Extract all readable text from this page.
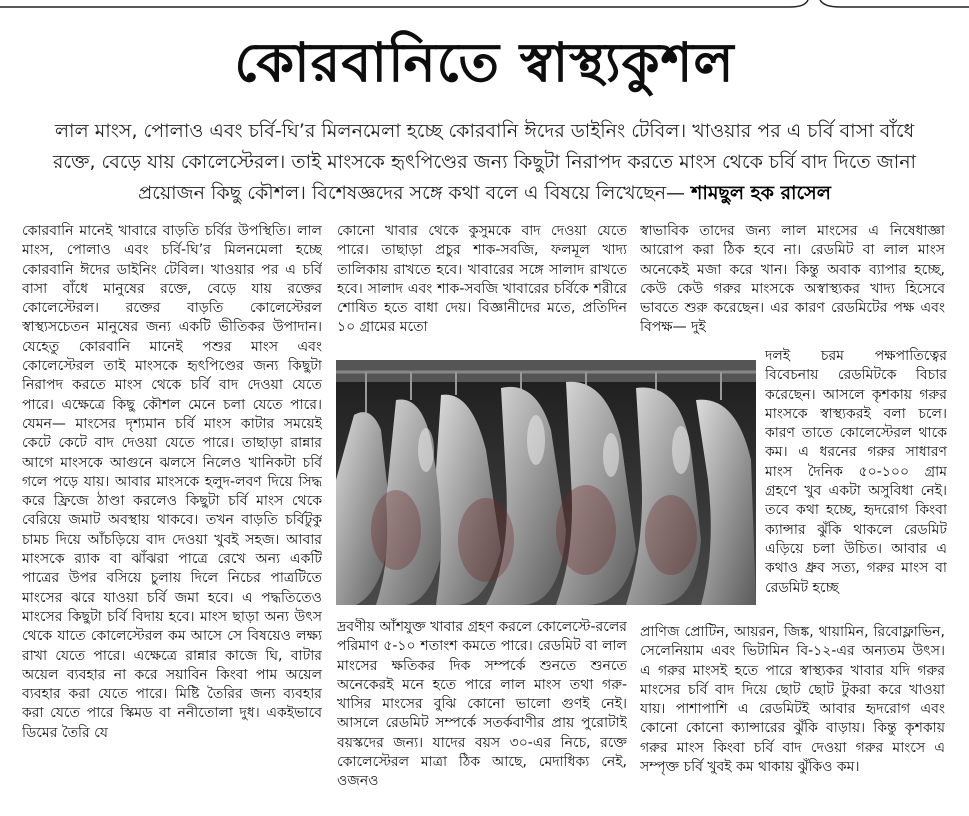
কোরবানিতে স্বাস্থ্যকুশল
লাল মাংস, পোলাও এবং চর্বি-ঘি’র মিলনমেলা হচ্ছে কোরবানি ঈদের ডাইনিং টেবিল। খাওয়ার পর এ চর্বি বাসা বাঁধে রক্তে, বেড়ে যায় কোলেস্টেরল। তাই মাংসকে হৃৎপিণ্ডের জন্য কিছুটা নিরাপদ করতে মাংস থেকে চর্বি বাদ দিতে জানা প্রয়োজন কিছু কৌশল। বিশেষজ্ঞদের সঙ্গে কথা বলে এ বিষয়ে লিখেছেন— শামছুল হক রাসেল
কোরবানি মানেই খাবারে বাড়তি চর্বির উপস্থিতি। লাল মাংস, পোলাও এবং চর্বি-ঘি’র মিলনমেলা হচ্ছে কোরবানি ঈদের ডাইনিং টেবিল। খাওয়ার পর এ চর্বি বাসা বাঁধে মানুষের রক্তে, বেড়ে যায় রক্তের কোলেস্টেরল। রক্তের বাড়তি কোলেস্টেরল স্বাস্থ্যসচেতন মানুষের জন্য একটি ভীতিকর উপাদান। যেহেতু কোরবানি মানেই পশুর মাংস এবং কোলেস্টেরল তাই মাংসকে হৃৎপিণ্ডের জন্য কিছুটা নিরাপদ করতে মাংস থেকে চর্বি বাদ দেওয়া যেতে পারে। এক্ষেত্রে কিছু কৌশল মেনে চলা যেতে পারে। যেমন— মাংসের দৃশ্যমান চর্বি মাংস কাটার সময়েই কেটে কেটে বাদ দেওয়া যেতে পারে। তাছাড়া রান্নার আগে মাংসকে আগুনে ঝলসে নিলেও খানিকটা চর্বি গলে পড়ে যায়। আবার মাংসকে হলুদ-লবণ দিয়ে সিদ্ধ করে ফ্রিজে ঠাণ্ডা করলেও কিছুটা চর্বি মাংস থেকে বেরিয়ে জমাট অবস্থায় থাকবে। তখন বাড়তি চর্বিটুকু চামচ দিয়ে আঁচড়িয়ে বাদ দেওয়া খুবই সহজ। আবার মাংসকে র‍্যাক বা ঝাঁঝরা পাত্রে রেখে অন্য একটি পাত্রের উপর বসিয়ে চুলায় দিলে নিচের পাত্রটিতে মাংসের ঝরে যাওয়া চর্বি জমা হবে। এ পদ্ধতিতেও মাংসের কিছুটা চর্বি বিদায় হবে। মাংস ছাড়া অন্য উৎস থেকে যাতে কোলেস্টেরল কম আসে সে বিষয়েও লক্ষ্য রাখা যেতে পারে। এক্ষেত্রে রান্নার কাজে ঘি, বাটার অয়েল ব্যবহার না করে সয়াবিন কিংবা পাম অয়েল ব্যবহার করা যেতে পারে। মিষ্টি তৈরির জন্য ব্যবহার করা যেতে পারে স্কিমড বা ননীতোলা দুধ। একইভাবে ডিমের তৈরি যে
কোনো খাবার থেকে কুসুমকে বাদ দেওয়া যেতে পারে। তাছাড়া প্রচুর শাক-সবজি, ফলমূল খাদ্য তালিকায় রাখতে হবে। খাবারের সঙ্গে সালাদ রাখতে হবে। সালাদ এবং শাক-সবজি খাবারের চর্বিকে শরীরে শোষিত হতে বাধা দেয়। বিজ্ঞানীদের মতে, প্রতিদিন ১০ গ্রামের মতো
দ্রবণীয় আঁশযুক্ত খাবার গ্রহণ করলে কোলেস্টে-রলের পরিমাণ ৫-১০ শতাংশ কমতে পারে। রেডমিট বা লাল মাংসের ক্ষতিকর দিক সম্পর্কে শুনতে শুনতে অনেকেরই মনে হতে পারে লাল মাংস তথা গরু-খাসির মাংসের বুঝি কোনো ভালো গুণই নেই। আসলে রেডমিট সম্পর্কে সতর্কবাণীর প্রায় পুরোটাই বয়স্কদের জন্য। যাদের বয়স ৩০-এর নিচে, রক্তে কোলেস্টেরল মাত্রা ঠিক আছে, মেদাধিক্য নেই, ওজনও
স্বাভাবিক তাদের জন্য লাল মাংসের এ নিষেধাজ্ঞা আরোপ করা ঠিক হবে না। রেডমিট বা লাল মাংস অনেকেই মজা করে খান। কিন্তু অবাক ব্যাপার হচ্ছে, কেউ কেউ গরুর মাংসকে অস্বাস্থ্যকর খাদ্য হিসেবে ভাবতে শুরু করেছেন। এর কারণ রেডমিটের পক্ষ এবং বিপক্ষ— দুই
দলই চরম পক্ষপাতিত্বের বিবেচনায় রেডমিটকে বিচার করেছেন। আসলে কৃশকায় গরুর মাংসকে স্বাস্থ্যকরই বলা চলে। কারণ তাতে কোলেস্টেরল থাকে কম। এ ধরনের গরুর সাধারণ মাংস দৈনিক ৫০-১০০ গ্রাম গ্রহণে খুব একটা অসুবিধা নেই। তবে কথা হচ্ছে, হৃদরোগ কিংবা ক্যান্সার ঝুঁকি থাকলে রেডমিট এড়িয়ে চলা উচিত। আবার এ কথাও ধ্রুব সত্য, গরুর মাংস বা রেডমিট হচ্ছে
প্রাণিজ প্রোটিন, আয়রন, জিঙ্ক, থায়ামিন, রিবোফ্লাভিন, সেলেনিয়াম এবং ভিটামিন বি-১২-এর অন্যতম উৎস। এ গরুর মাংসই হতে পারে স্বাস্থ্যকর খাবার যদি গরুর মাংসের চর্বি বাদ দিয়ে ছোট ছোট টুকরা করে খাওয়া যায়। পাশাপাশি এ রেডমিটই আবার হৃদরোগ এবং কোনো কোনো ক্যান্সারের ঝুঁকি বাড়ায়। কিন্তু কৃশকায় গরুর মাংস কিংবা চর্বি বাদ দেওয়া গরুর মাংসে এ সম্পৃক্ত চর্বি খুবই কম থাকায় ঝুঁকিও কম।
